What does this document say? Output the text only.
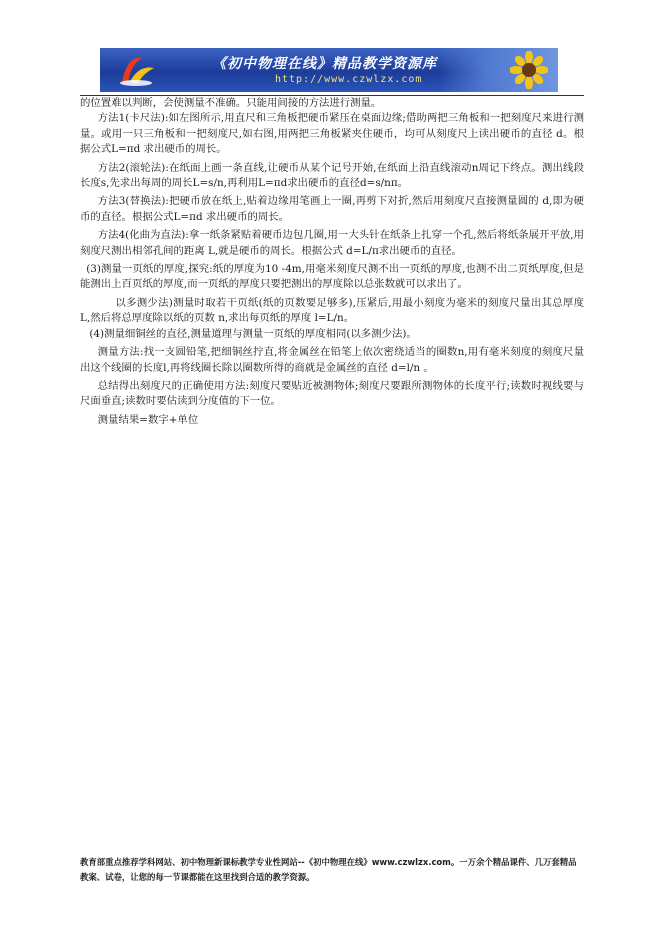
《初中物理在线》精品教学资源库
http://www.czwlzx.com

的位置难以判断，会使测量不准确。只能用间接的方法进行测量。

方法1(卡尺法):如左图所示,用直尺和三角板把硬币紧压在桌面边缘;借助两把三角板和一把刻度尺来进行测量。或用一只三角板和一把刻度尺,如右图,用两把三角板紧夹住硬币，均可从刻度尺上读出硬币的直径 d。根据公式L=πd 求出硬币的周长。

方法2(滚轮法):在纸面上画一条直线,让硬币从某个记号开始,在纸面上沿直线滚动n周记下终点。测出线段长度s,先求出每周的周长L=s/n,再利用L=πd求出硬币的直径d=s/nπ。

方法3(替换法):把硬币放在纸上,贴着边缘用笔画上一圈,再剪下对折,然后用刻度尺直接测量圆的 d,即为硬币的直径。根据公式L=πd 求出硬币的周长。

方法4(化曲为直法):拿一纸条紧贴着硬币边包几圈,用一大头针在纸条上扎穿一个孔,然后将纸条展开平放,用刻度尺测出相邻孔间的距离 L,就是硬币的周长。根据公式 d=L/π求出硬币的直径。

(3)测量一页纸的厚度,探究:纸的厚度为10 -4m,用毫米刻度尺测不出一页纸的厚度,也测不出二页纸厚度,但是能测出上百页纸的厚度,而一页纸的厚度只要把测出的厚度除以总张数就可以求出了。

以多测少法)测量时取若干页纸(纸的页数要足够多),压紧后,用最小刻度为毫米的刻度尺量出其总厚度 L,然后将总厚度除以纸的页数 n,求出每页纸的厚度 l=L/n。

(4)测量细铜丝的直径,测量道理与测量一页纸的厚度相同(以多测少法)。

测量方法:找一支圆铅笔,把细铜丝拧直,将金属丝在铅笔上依次密绕适当的圈数n,用有毫米刻度的刻度尺量出这个线圈的长度l,再将线圈长除以圈数所得的商就是金属丝的直径 d=l/n 。

总结得出刻度尺的正确使用方法:刻度尺要贴近被测物体;刻度尺要跟所测物体的长度平行;读数时视线要与尺面垂直;读数时要估读到分度值的下一位。

测量结果=数字+单位

教育部重点推荐学科网站、初中物理新课标教学专业性网站--《初中物理在线》www.czwlzx.com。一万余个精品课件、几万套精品教案、试卷，让您的每一节课都能在这里找到合适的教学资源。
